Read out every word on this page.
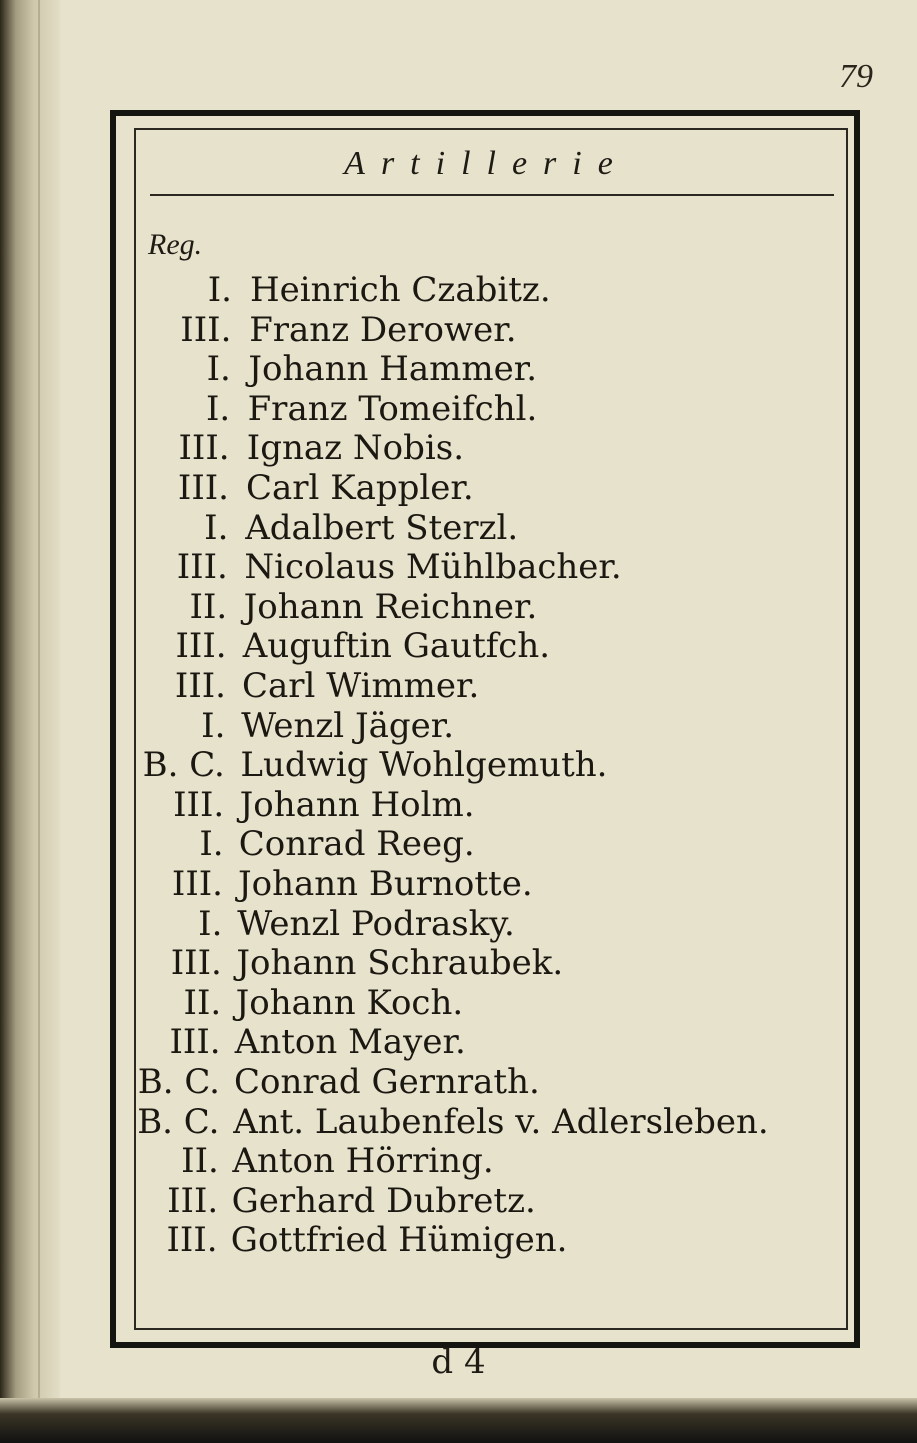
79
Artillerie
Reg.
I. Heinrich Czabitz.
III. Franz Derower.
I. Johann Hammer.
I. Franz Tomeifchl.
III. Ignaz Nobis.
III. Carl Kappler.
I. Adalbert Sterzl.
III. Nicolaus Mühlbacher.
II. Johann Reichner.
III. Auguftin Gautfch.
III. Carl Wimmer.
I. Wenzl Jäger.
B. C. Ludwig Wohlgemuth.
III. Johann Holm.
I. Conrad Reeg.
III. Johann Burnotte.
I. Wenzl Podrasky.
III. Johann Schraubek.
II. Johann Koch.
III. Anton Mayer.
B. C. Conrad Gernrath.
B. C. Ant. Laubenfels v. Adlersleben.
II. Anton Hörring.
III. Gerhard Dubretz.
III. Gottfried Hümigen.
d 4
